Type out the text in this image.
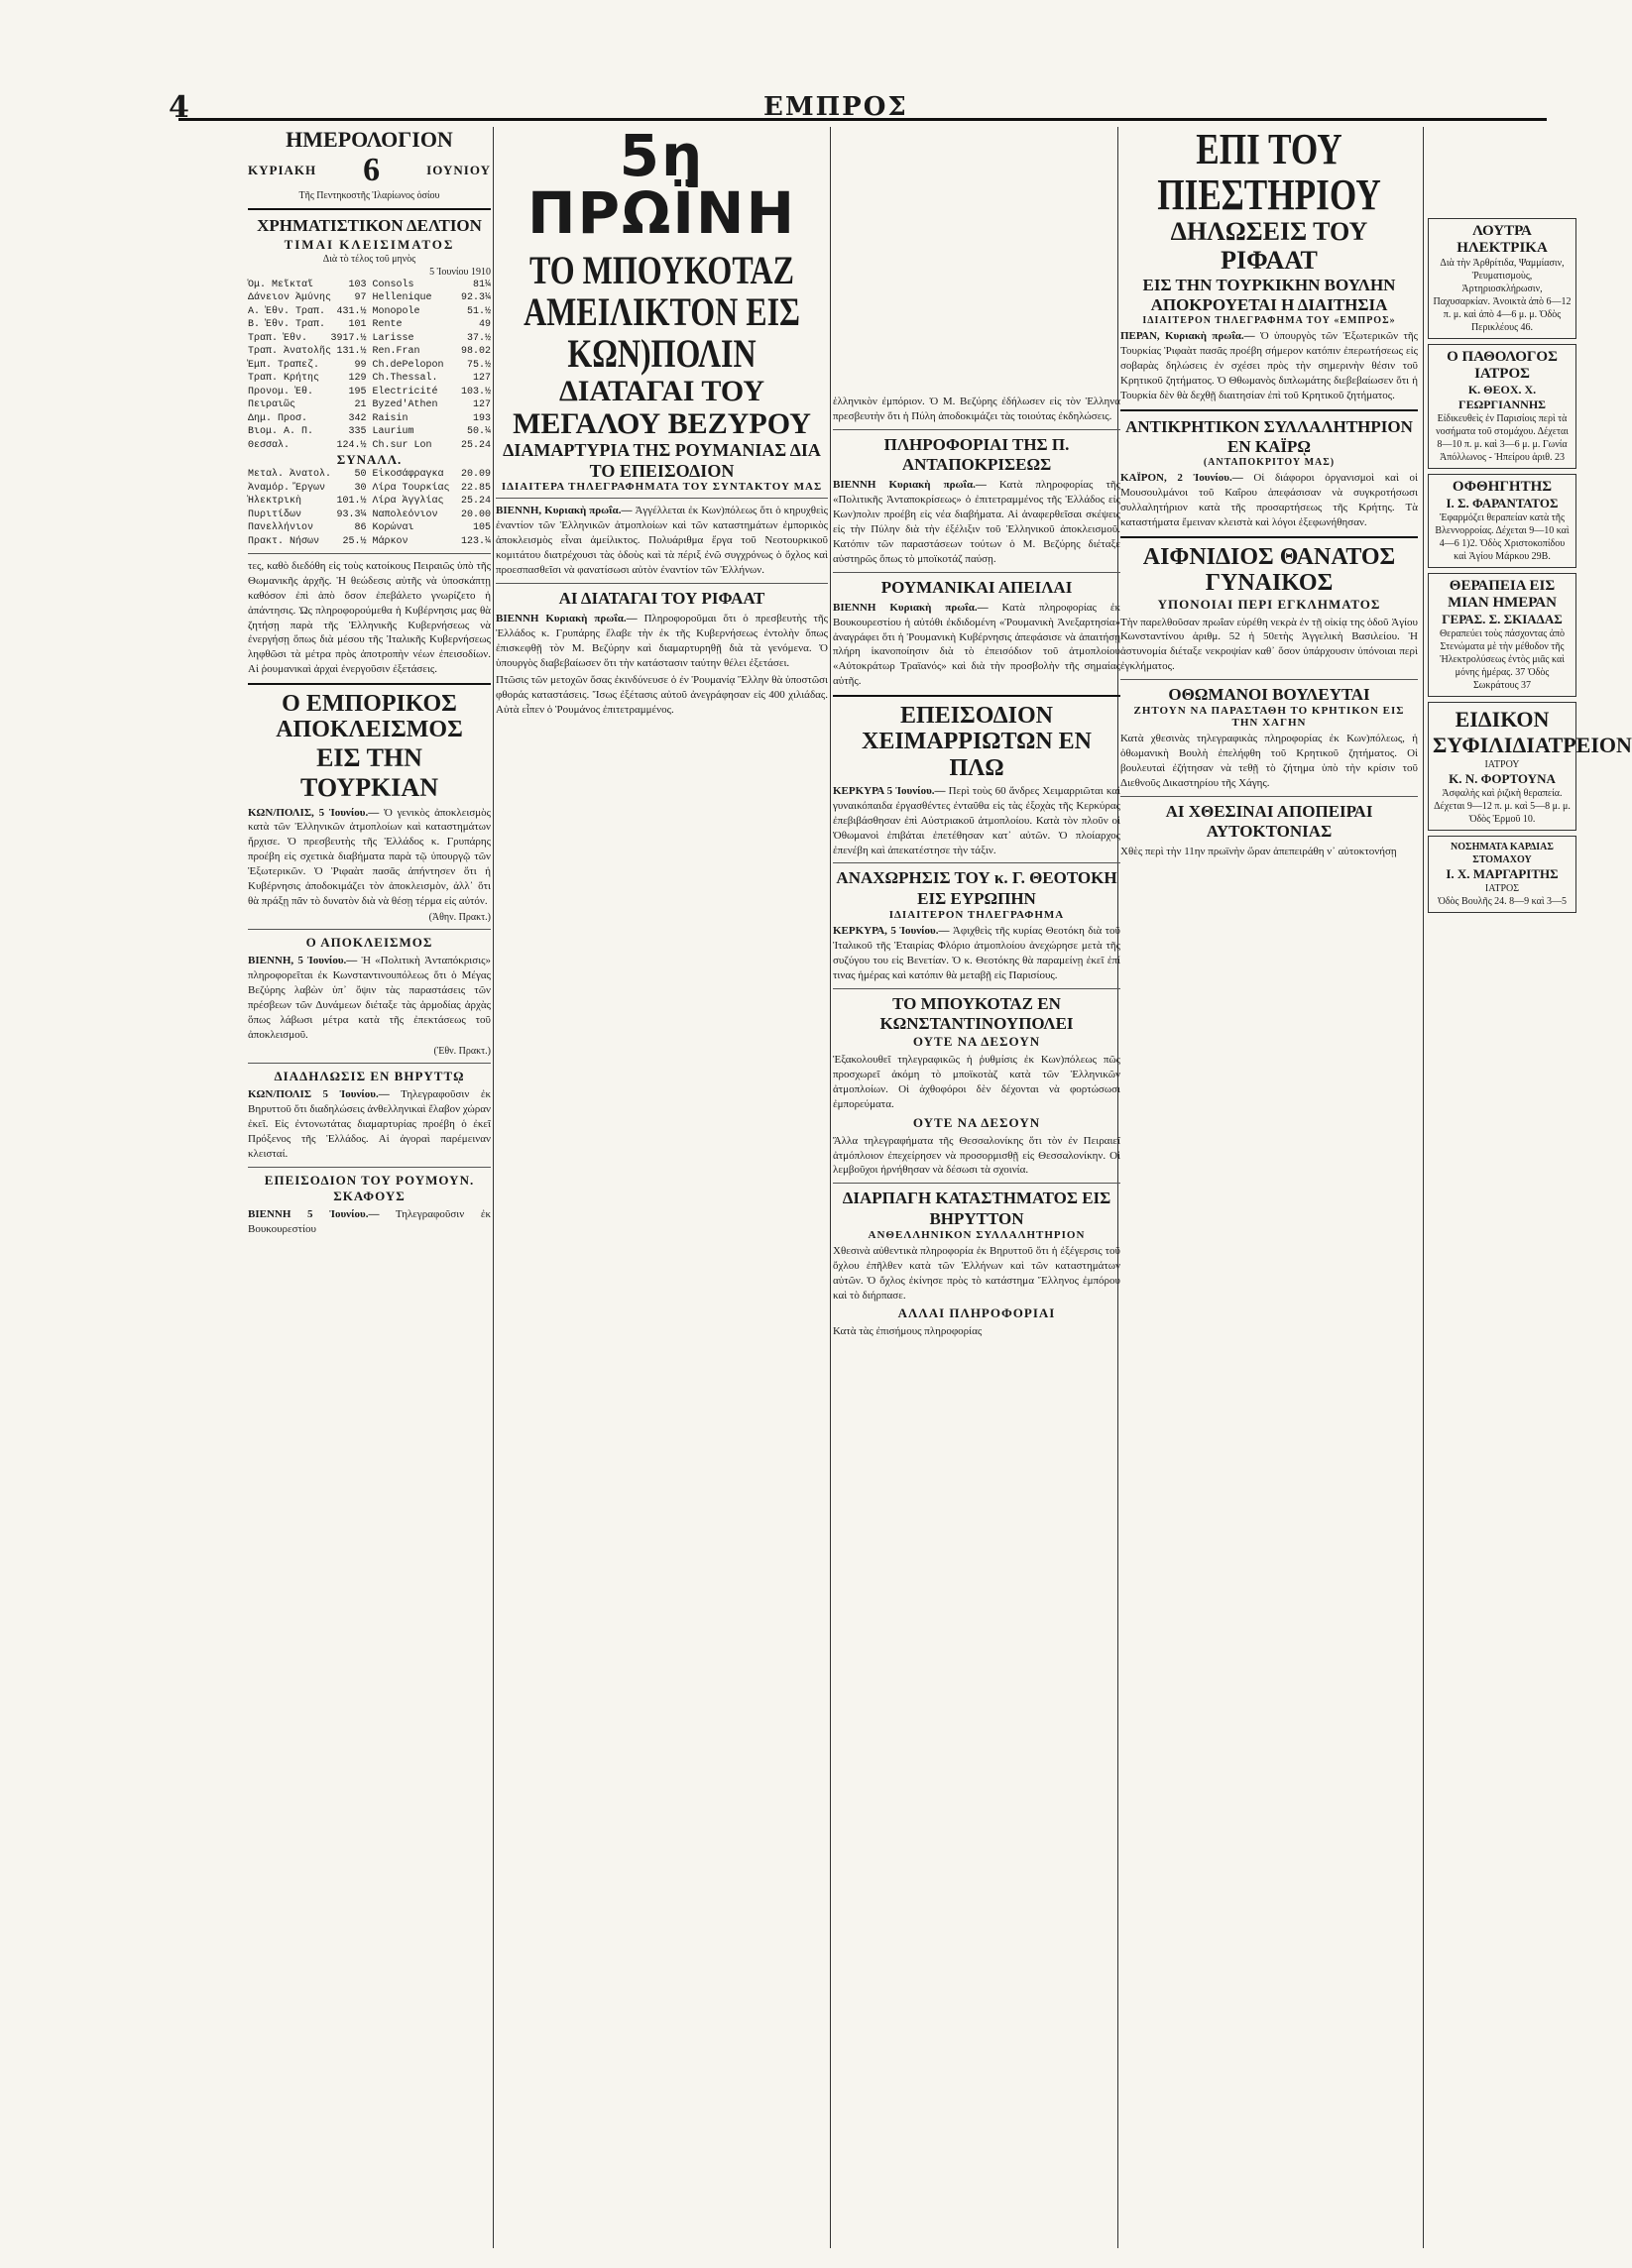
4	ΕΜΠΡΟΣ
ΗΜΕΡΟΛΟΓΙΟΝ
ΚΥΡΙΑΚΗ 6	ΙΟΥΝΙΟΥ
Τῆς Πεντηκοστῆς Ἱλαρίωνος ὁσίου
ΧΡΗΜΑΤΙΣΤΙΚΟΝ ΔΕΛΤΙΟΝ
ΤΙΜΑΙ ΚΛΕΙΣΙΜΑΤΟΣ
Διὰ τὸ τέλος τοῦ μηνὸς
5 Ἰουνίου 1910
Ὁμ. Μεῖκταῖ	103 Consols	81¼
Δάνειον Ἀμύνης 97 Hellenique	92.3¼
Α. Ἐθν. Τραπ. 431.½ Monopole	51.½
Β. Ἐθν. Τραπ. 101 Rente	49
Τραπ. Ἐθν. 3917.½ Larisse	37.½
Τραπ. Ἀνατολῆς 131.½ Ren.Fran	98.02
Ἐμπ. Τραπεζ.	99 Ch.dePelopon 75.½
Τραπ. Κρήτης	129 Ch.Thessal.	127
Προνομ. Ἐθ.	195 Electricité 103.½
Πειραιῶς	21 Byzed'Athen	127
Δημ. Προσ.	342 Raisin	193
Βιομ. Α. Π.	335 Laurium	50.¼
Θεσσαλ.	124.½ Ch.sur Lon	25.24
ΣΥΝΑΛΛ.
Μεταλ. Ἀνατολ. 50 Εἰκοσάφραγκα 20.09
Ἀναμόρ. Ἔργων	30 Λίρα Τουρκίας 22.85
Ἠλεκτρικὴ	101.½ Λίρα Ἀγγλίας 25.24
Πυριτίδων	93.3¼ Ναπολεόνιον 20.00
Πανελλήνιον	86 Κορώναι	105
Πρακτ. Νήσων 25.½ Μάρκον	123.¼
τες, καθὸ διεδόθη εἰς τοὺς κατοίκους Πειραιῶς ὑπὸ τῆς Θωμανικῆς ἀρχῆς. Ἡ θεώδεσις αὐτῆς νὰ ὑποσκάπτῃ καθόσον ἐπὶ ἀπὸ ὅσον ἐπεβάλετο γνωρίζετο ἡ ἀπάντησις. Ὡς πληροφορούμεθα ἡ Κυβέρνησις μας θὰ ζητήσῃ παρὰ τῆς Ἑλληνικῆς Κυβερνήσεως νὰ ἐνεργήσῃ ὅπως διὰ μέσου τῆς Ἰταλικῆς Κυβερνήσεως ληφθῶσι τὰ μέτρα πρὸς ἀποτροπὴν νέων ἐπεισοδίων. Αἱ ῥουμανικαὶ ἀρχαὶ ἐνεργοῦσιν ἐξετάσεις.
Ο ΕΜΠΟΡΙΚΟΣ ΑΠΟΚΛΕΙΣΜΟΣ
ΕΙΣ ΤΗΝ ΤΟΥΡΚΙΑΝ
ΚΩΝ/ΠΟΛΙΣ, 5 Ἰουνίου.— Ὁ γενικὸς ἀποκλεισμὸς κατὰ τῶν Ἑλληνικῶν ἀτμοπλοίων καὶ καταστημάτων ἤρχισε. Ὁ πρεσβευτὴς τῆς Ἑλλάδος κ. Γρυπάρης προέβη εἰς σχετικὰ διαβήματα παρὰ τῷ ὑπουργῷ τῶν Ἐξωτερικῶν. Ὁ Ῥιφαὰτ πασᾶς ἀπήντησεν ὅτι ἡ Κυβέρνησις ἀποδοκιμάζει τὸν ἀποκλεισμὸν, ἀλλ᾽ ὅτι θὰ πράξῃ πᾶν τὸ δυνατὸν διὰ νὰ θέσῃ τέρμα εἰς αὐτόν.
(Ἀθην. Πρακτ.)
Ο ΑΠΟΚΛΕΙΣΜΟΣ
ΒΙΕΝΝΗ, 5 Ἰουνίου.— Ἡ «Πολιτικὴ Ἀνταπόκρισις» πληροφορεῖται ἐκ Κωνσταντινουπόλεως ὅτι ὁ Μέγας Βεζύρης λαβὼν ὑπ᾽ ὄψιν τὰς παραστάσεις τῶν πρέσβεων τῶν Δυνάμεων διέταξε τὰς ἁρμοδίας ἀρχὰς ὅπως λάβωσι μέτρα κατὰ τῆς ἐπεκτάσεως τοῦ ἀποκλεισμοῦ.
(Ἐθν. Πρακτ.)
ΔΙΑΔΗΛΩΣΙΣ ΕΝ ΒΗΡΥΤΤῼ
ΚΩΝ/ΠΟΛΙΣ 5 Ἰουνίου.— Τηλεγραφοῦσιν ἐκ Βηρυττοῦ ὅτι διαδηλώσεις ἀνθελληνικαὶ ἔλαβον χώραν ἐκεῖ. Εἰς ἐντονωτάτας διαμαρτυρίας προέβη ὁ ἐκεῖ Πρόξενος τῆς Ἑλλάδος. Αἱ ἀγοραὶ παρέμειναν κλεισταί.
ΕΠΕΙΣΟΔΙΟΝ ΤΟΥ ΡΟΥΜΟΥΝ. ΣΚΑΦΟΥΣ
ΒΙΕΝΝΗ 5 Ἰουνίου.— Τηλεγραφοῦσιν ἐκ Βουκουρεστίου
5η ΠΡΩΪΝΗ
ΤΟ ΜΠΟΥΚΟΤΑΖ ΑΜΕΙΛΙΚΤΟΝ ΕΙΣ ΚΩΝ)ΠΟΛΙΝ
ΔΙΑΤΑΓΑΙ ΤΟΥ ΜΕΓΑΛΟΥ ΒΕΖΥΡΟΥ
ΔΙΑΜΑΡΤΥΡΙΑ ΤΗΣ ΡΟΥΜΑΝΙΑΣ ΔΙΑ ΤΟ ΕΠΕΙΣΟΔΙΟΝ
ΙΔΙΑΙΤΕΡΑ ΤΗΛΕΓΡΑΦΗΜΑΤΑ ΤΟΥ ΣΥΝΤΑΚΤΟΥ ΜΑΣ
ΒΙΕΝΝΗ, Κυριακὴ πρωΐα.— Ἀγγέλλεται ἐκ Κων)πόλεως ὅτι ὁ κηρυχθεὶς ἐναντίον τῶν Ἑλληνικῶν ἀτμοπλοίων καὶ τῶν καταστημάτων ἐμπορικὸς ἀποκλεισμὸς εἶναι ἀμείλικτος. Πολυάριθμα ἔργα τοῦ Νεοτουρκικοῦ κομιτάτου διατρέχουσι τὰς ὁδοὺς καὶ τὰ πέριξ ἐνῶ συγχρόνως ὁ ὄχλος καὶ προεσπασθεῖσι νὰ φανατίσωσι αὐτὸν ἐναντίον τῶν Ἑλλήνων.
ΑΙ ΔΙΑΤΑΓΑΙ ΤΟΥ ΡΙΦΑΑΤ
ΒΙΕΝΝΗ Κυριακὴ πρωΐα.— Πληροφοροῦμαι ὅτι ὁ πρεσβευτὴς τῆς Ἑλλάδος κ. Γρυπάρης ἔλαβε τὴν ἐκ τῆς Κυβερνήσεως ἐντολὴν ὅπως ἐπισκεφθῇ τὸν Μ. Βεζύρην καὶ διαμαρτυρηθῇ διὰ τὰ γενόμενα. Ὁ ὑπουργὸς διαβεβαίωσεν ὅτι τὴν κατάστασιν ταύτην θέλει ἐξετάσει.
Πτῶσις τῶν μετοχῶν ὅσας ἐκινδύνευσε ὁ ἐν Ῥουμανίᾳ Ἕλλην θὰ ὑποστῶσι φθοράς καταστάσεις. Ἴσως ἐξέτασις αὐτοῦ ἀνεγράφησαν εἰς 400 χιλιάδας. Αὐτὰ εἶπεν ὁ Ῥουμάνος ἐπιτετραμμένος.
ἑλληνικὸν ἐμπόριον. Ὁ Μ. Βεζύρης ἐδήλωσεν εἰς τὸν Ἑλληνα πρεσβευτὴν ὅτι ἡ Πύλη ἀποδοκιμάζει τὰς τοιούτας ἐκδηλώσεις.
ΠΛΗΡΟΦΟΡΙΑΙ ΤΗΣ Π. ΑΝΤΑΠΟΚΡΙΣΕΩΣ
ΒΙΕΝΝΗ Κυριακὴ πρωΐα.— Κατὰ πληροφορίας τῆς «Πολιτικῆς Ἀνταποκρίσεως» ὁ ἐπιτετραμμένος τῆς Ἑλλάδος εἰς Κων)πολιν προέβη εἰς νέα διαβήματα. Αἱ ἀναφερθεῖσαι σκέψεις εἰς τὴν Πύλην διὰ τὴν ἐξέλιξιν τοῦ Ἑλληνικοῦ ἀποκλεισμοῦ. Κατόπιν τῶν παραστάσεων τούτων ὁ Μ. Βεζύρης διέταξε αὐστηρῶς ὅπως τὸ μποϊκοτάζ παύσῃ.
ΡΟΥΜΑΝΙΚΑΙ ΑΠΕΙΛΑΙ
ΒΙΕΝΝΗ Κυριακὴ πρωΐα.— Κατὰ πληροφορίας ἐκ Βουκουρεστίου ἡ αὐτόθι ἐκδιδομένη «Ῥουμανικὴ Ἀνεξαρτησία» ἀναγράφει ὅτι ἡ Ῥουμανικὴ Κυβέρνησις ἀπεφάσισε νὰ ἀπαιτήσῃ πλήρη ἱκανοποίησιν διὰ τὸ ἐπεισόδιον τοῦ ἀτμοπλοίου «Αὐτοκράτωρ Τραϊανός» καὶ διὰ τὴν προσβολὴν τῆς σημαίας αὐτῆς.
ΕΠΕΙΣΟΔΙΟΝ ΧΕΙΜΑΡΡΙΩΤΩΝ ΕΝ ΠΛΩ
ΚΕΡΚΥΡΑ 5 Ἰουνίου.— Περὶ τοὺς 60 ἄνδρες Χειμαρριῶται καὶ γυναικόπαιδα ἐργασθέντες ἐνταῦθα εἰς τὰς ἐξοχὰς τῆς Κερκύρας ἐπεβιβάσθησαν ἐπὶ Αὐστριακοῦ ἀτμοπλοίου. Κατὰ τὸν πλοῦν οἱ Ὀθωμανοὶ ἐπιβάται ἐπετέθησαν κατ᾽ αὐτῶν. Ὁ πλοίαρχος ἐπενέβη καὶ ἀπεκατέστησε τὴν τάξιν.
ΑΝΑΧΩΡΗΣΙΣ ΤΟΥ κ. Γ. ΘΕΟΤΟΚΗ ΕΙΣ ΕΥΡΩΠΗΝ
ΙΔΙΑΙΤΕΡΟΝ ΤΗΛΕΓΡΑΦΗΜΑ
ΚΕΡΚΥΡΑ, 5 Ἰουνίου.— Ἀφιχθεὶς τῆς κυρίας Θεοτόκη διὰ τοῦ Ἰταλικοῦ τῆς Ἑταιρίας Φλόριο ἀτμοπλοίου ἀνεχώρησε μετὰ τῆς συζύγου του εἰς Βενετίαν. Ὁ κ. Θεοτόκης θὰ παραμείνῃ ἐκεῖ ἐπί τινας ἡμέρας καὶ κατόπιν θὰ μεταβῇ εἰς Παρισίους.
ΤΟ ΜΠΟΥΚΟΤΑΖ ΕΝ ΚΩΝΣΤΑΝΤΙΝΟΥΠΟΛΕΙ
ΟΥΤΕ ΝΑ ΔΕΣΟΥΝ
Ἐξακολουθεῖ τηλεγραφικῶς ἡ ῥυθμίσις ἐκ Κων)πόλεως πῶς προσχωρεῖ ἀκόμη τὸ μποϊκοτὰζ κατὰ τῶν Ἑλληνικῶν ἀτμοπλοίων. Οἱ ἀχθοφόροι δὲν δέχονται νὰ φορτώσωσι ἐμπορεύματα.
ΟΥΤΕ ΝΑ ΔΕΣΟΥΝ
Ἄλλα τηλεγραφήματα τῆς Θεσσαλονίκης ὅτι τὸν ἐν Πειραιεῖ ἀτμόπλοιον ἐπεχείρησεν νὰ προσορμισθῇ εἰς Θεσσαλονίκην. Οἱ λεμβοῦχοι ἠρνήθησαν νὰ δέσωσι τὰ σχοινία.
ΔΙΑΡΠΑΓΗ ΚΑΤΑΣΤΗΜΑΤΟΣ ΕΙΣ ΒΗΡΥΤΤΟΝ
ΑΝΘΕΛΛΗΝΙΚΟΝ ΣΥΛΛΑΛΗΤΗΡΙΟΝ
Χθεσινὰ αὐθεντικὰ πληροφορία ἐκ Βηρυττοῦ ὅτι ἡ ἐξέγερσις τοῦ ὄχλου ἐπῆλθεν κατὰ τῶν Ἑλλήνων καὶ τῶν καταστημάτων αὐτῶν. Ὁ ὄχλος ἐκίνησε πρὸς τὸ κατάστημα Ἕλληνος ἐμπόρου καὶ τὸ διήρπασε.
ΑΛΛΑΙ ΠΛΗΡΟΦΟΡΙΑΙ
Κατὰ τὰς ἐπισήμους πληροφορίας
ΕΠΙ ΤΟΥ ΠΙΕΣΤΗΡΙΟΥ
ΔΗΛΩΣΕΙΣ ΤΟΥ ΡΙΦΑΑΤ
ΕΙΣ ΤΗΝ ΤΟΥΡΚΙΚΗΝ ΒΟΥΛΗΝ
ΑΠΟΚΡΟΥΕΤΑΙ Η ΔΙΑΙΤΗΣΙΑ
ΙΔΙΑΙΤΕΡΟΝ ΤΗΛΕΓΡΑΦΗΜΑ ΤΟΥ «ΕΜΠΡΟΣ»
ΠΕΡΑΝ, Κυριακὴ πρωΐα.— Ὁ ὑπουργὸς τῶν Ἐξωτερικῶν τῆς Τουρκίας Ῥιφαὰτ πασᾶς προέβη σήμερον κατόπιν ἐπερωτήσεως εἰς σοβαρὰς δηλώσεις ἐν σχέσει πρὸς τὴν σημερινὴν θέσιν τοῦ Κρητικοῦ ζητήματος. Ὁ Θθωμανὸς διπλωμάτης διεβεβαίωσεν ὅτι ἡ Τουρκία δὲν θὰ δεχθῇ διαιτησίαν ἐπὶ τοῦ Κρητικοῦ ζητήματος.
ΑΝΤΙΚΡΗΤΙΚΟΝ ΣΥΛΛΑΛΗΤΗΡΙΟΝ ΕΝ ΚΑΪΡῼ
(ΑΝΤΑΠΟΚΡΙΤΟΥ ΜΑΣ)
ΚΑΪΡΟΝ, 2 Ἰουνίου.— Οἱ διάφοροι ὀργανισμοὶ καὶ οἱ Μουσουλμάνοι τοῦ Καΐρου ἀπεφάσισαν νὰ συγκροτήσωσι συλλαλητήριον κατὰ τῆς προσαρτήσεως τῆς Κρήτης. Τὰ καταστήματα ἔμειναν κλειστὰ καὶ λόγοι ἐξεφωνήθησαν.
ΑΙΦΝΙΔΙΟΣ ΘΑΝΑΤΟΣ ΓΥΝΑΙΚΟΣ
ΥΠΟΝΟΙΑΙ ΠΕΡΙ ΕΓΚΛΗΜΑΤΟΣ
Τὴν παρελθοῦσαν πρωΐαν εὑρέθη νεκρὰ ἐν τῇ οἰκίᾳ της ὁδοῦ Ἁγίου Κωνσταντίνου ἀριθμ. 52 ἡ 50ετὴς Ἀγγελικὴ Βασιλείου. Ἡ ἀστυνομία διέταξε νεκροψίαν καθ᾽ ὅσον ὑπάρχουσιν ὑπόνοιαι περὶ ἐγκλήματος.
ΟΘΩΜΑΝΟΙ ΒΟΥΛΕΥΤΑΙ
ΖΗΤΟΥΝ ΝΑ ΠΑΡΑΣΤΑΘΗ ΤΟ ΚΡΗΤΙΚΟΝ ΕΙΣ ΤΗΝ ΧΑΓΗΝ
Κατὰ χθεσινὰς τηλεγραφικὰς πληροφορίας ἐκ Κων)πόλεως, ἡ ὀθωμανικὴ Βουλὴ ἐπελήφθη τοῦ Κρητικοῦ ζητήματος. Οἱ βουλευταὶ ἐζήτησαν νὰ τεθῇ τὸ ζήτημα ὑπὸ τὴν κρίσιν τοῦ Διεθνοῦς Δικαστηρίου τῆς Χάγης.
ΑΙ ΧΘΕΣΙΝΑΙ ΑΠΟΠΕΙΡΑΙ ΑΥΤΟΚΤΟΝΙΑΣ
Χθὲς περὶ τὴν 11ην πρωϊνὴν ὥραν ἀπεπειράθη ν᾽ αὐτοκτονήσῃ
ΛΟΥΤΡΑ ΗΛΕΚΤΡΙΚΑ
Διὰ τὴν Ἀρθρίτιδα, Ψαμμίασιν, Ῥευματισμοὺς, Ἀρτηριοσκλήρωσιν, Παχυσαρκίαν. Ἀνοικτὰ ἀπὸ 6—12 π. μ. καὶ ἀπὸ 4—6 μ. μ. Ὁδὸς Περικλέους 46.
Ο ΠΑΘΟΛΟΓΟΣ ΙΑΤΡΟΣ
Κ. ΘΕΟΧ. Χ. ΓΕΩΡΓΙΑΝΝΗΣ
Εἰδικευθεὶς ἐν Παρισίοις περὶ τὰ νοσήματα τοῦ στομάχου. Δέχεται 8—10 π. μ. καὶ 3—6 μ. μ. Γωνία Ἀπόλλωνος - Ἠπείρου ἀριθ. 23
ΟΦΘΗΓΗΤΗΣ
Ι. Σ. ΦΑΡΑΝΤΑΤΟΣ
Ἐφαρμόζει θεραπείαν κατὰ τῆς Βλεννορροίας. Δέχεται 9—10 καὶ 4—6 1)2. Ὁδὸς Χριστοκοπίδου καὶ Ἁγίου Μάρκου 29Β.
ΘΕΡΑΠΕΙΑ ΕΙΣ ΜΙΑΝ ΗΜΕΡΑΝ
ΓΕΡΑΣ. Σ. ΣΚΙΑΔΑΣ
Θεραπεύει τοὺς πάσχοντας ἀπὸ Στενώματα μὲ τὴν μέθοδον τῆς Ἠλεκτρολύσεως ἐντὸς μιᾶς καὶ μόνης ἡμέρας. 37 Ὁδὸς Σωκράτους 37
ΕΙΔΙΚΟΝ ΣΥΦΙΛΙΔΙΑΤΡΕΙΟΝ
ΙΑΤΡΟΥ
Κ. Ν. ΦΟΡΤΟΥΝΑ
Ἀσφαλὴς καὶ ῥιζικὴ θεραπεία. Δέχεται 9—12 π. μ. καὶ 5—8 μ. μ. Ὁδὸς Ἑρμοῦ 10.
ΝΟΣΗΜΑΤΑ ΚΑΡΔΙΑΣ ΣΤΟΜΑΧΟΥ
Ι. Χ. ΜΑΡΓΑΡΙΤΗΣ
ΙΑΤΡΟΣ
Ὁδὸς Βουλῆς 24. 8—9 καὶ 3—5
